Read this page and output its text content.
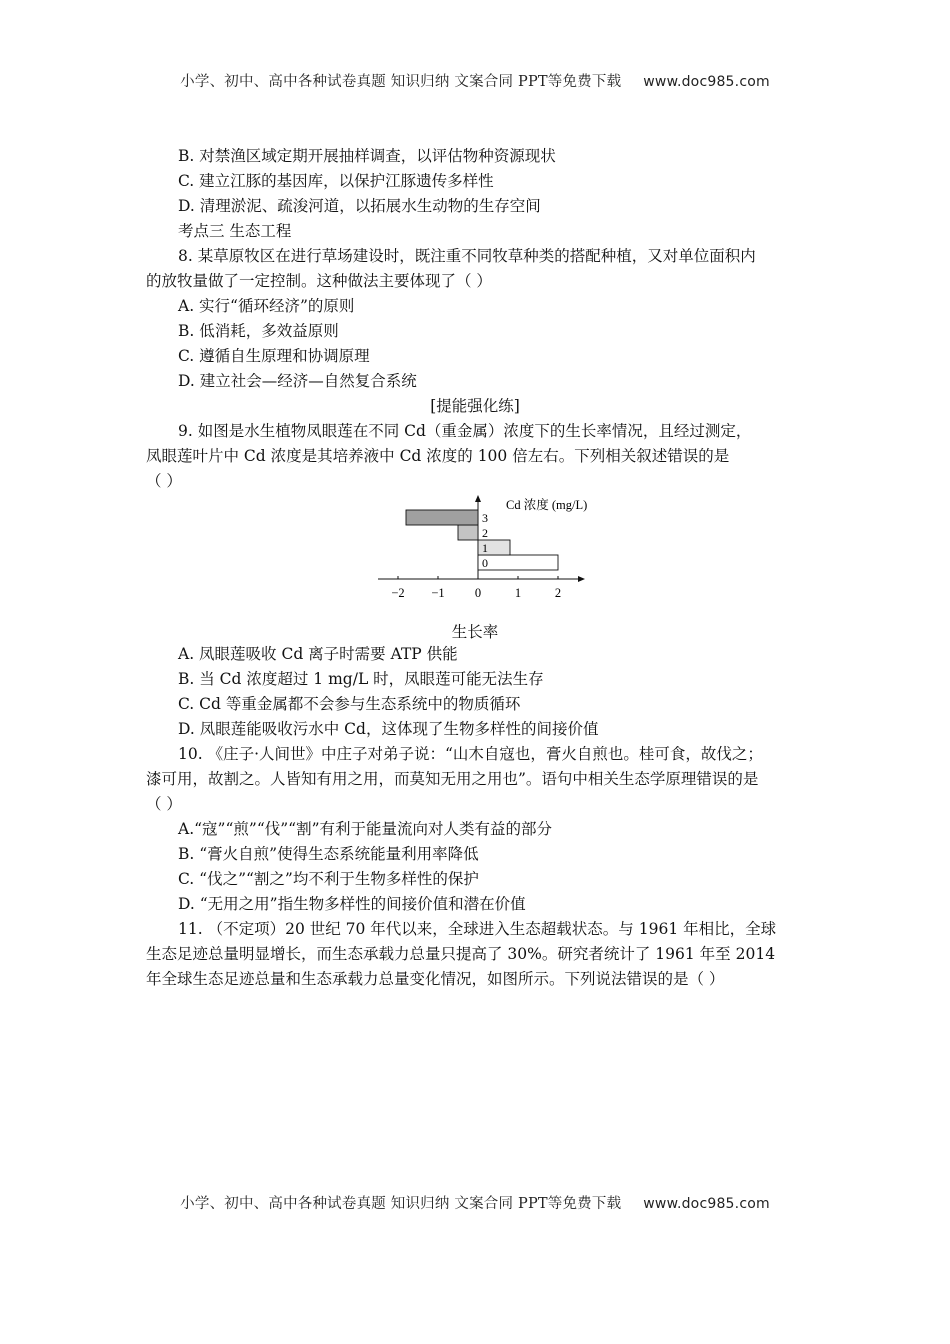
小学、初中、高中各种试卷真题 知识归纳 文案合同 PPT等免费下载 www.doc985.com
B. 对禁渔区域定期开展抽样调查，以评估物种资源现状
C. 建立江豚的基因库，以保护江豚遗传多样性
D. 清理淤泥、疏浚河道，以拓展水生动物的生存空间
考点三 生态工程
8. 某草原牧区在进行草场建设时，既注重不同牧草种类的搭配种植，又对单位面积内
的放牧量做了一定控制。这种做法主要体现了（ ）
A. 实行“循环经济”的原则
B. 低消耗，多效益原则
C. 遵循自生原理和协调原理
D. 建立社会—经济—自然复合系统
[提能强化练]
9. 如图是水生植物凤眼莲在不同 Cd（重金属）浓度下的生长率情况，且经过测定，
凤眼莲叶片中 Cd 浓度是其培养液中 Cd 浓度的 100 倍左右。下列相关叙述错误的是
（ ）
Cd 浓度 (mg/L)
0
1
2
3
−2 −1 0	1	2
生长率
A. 凤眼莲吸收 Cd 离子时需要 ATP 供能
B. 当 Cd 浓度超过 1 mg/L 时，凤眼莲可能无法生存
C. Cd 等重金属都不会参与生态系统中的物质循环
D. 凤眼莲能吸收污水中 Cd，这体现了生物多样性的间接价值
10. 《庄子·人间世》中庄子对弟子说：“山木自寇也，膏火自煎也。桂可食，故伐之；
漆可用，故割之。人皆知有用之用，而莫知无用之用也”。语句中相关生态学原理错误的是
（ ）
A.“寇”“煎”“伐”“割”有利于能量流向对人类有益的部分
B. “膏火自煎”使得生态系统能量利用率降低
C. “伐之”“割之”均不利于生物多样性的保护
D. “无用之用”指生物多样性的间接价值和潜在价值
11. （不定项）20 世纪 70 年代以来，全球进入生态超载状态。与 1961 年相比，全球
生态足迹总量明显增长，而生态承载力总量只提高了 30%。研究者统计了 1961 年至 2014
年全球生态足迹总量和生态承载力总量变化情况，如图所示。下列说法错误的是（ ）
小学、初中、高中各种试卷真题 知识归纳 文案合同 PPT等免费下载 www.doc985.com
